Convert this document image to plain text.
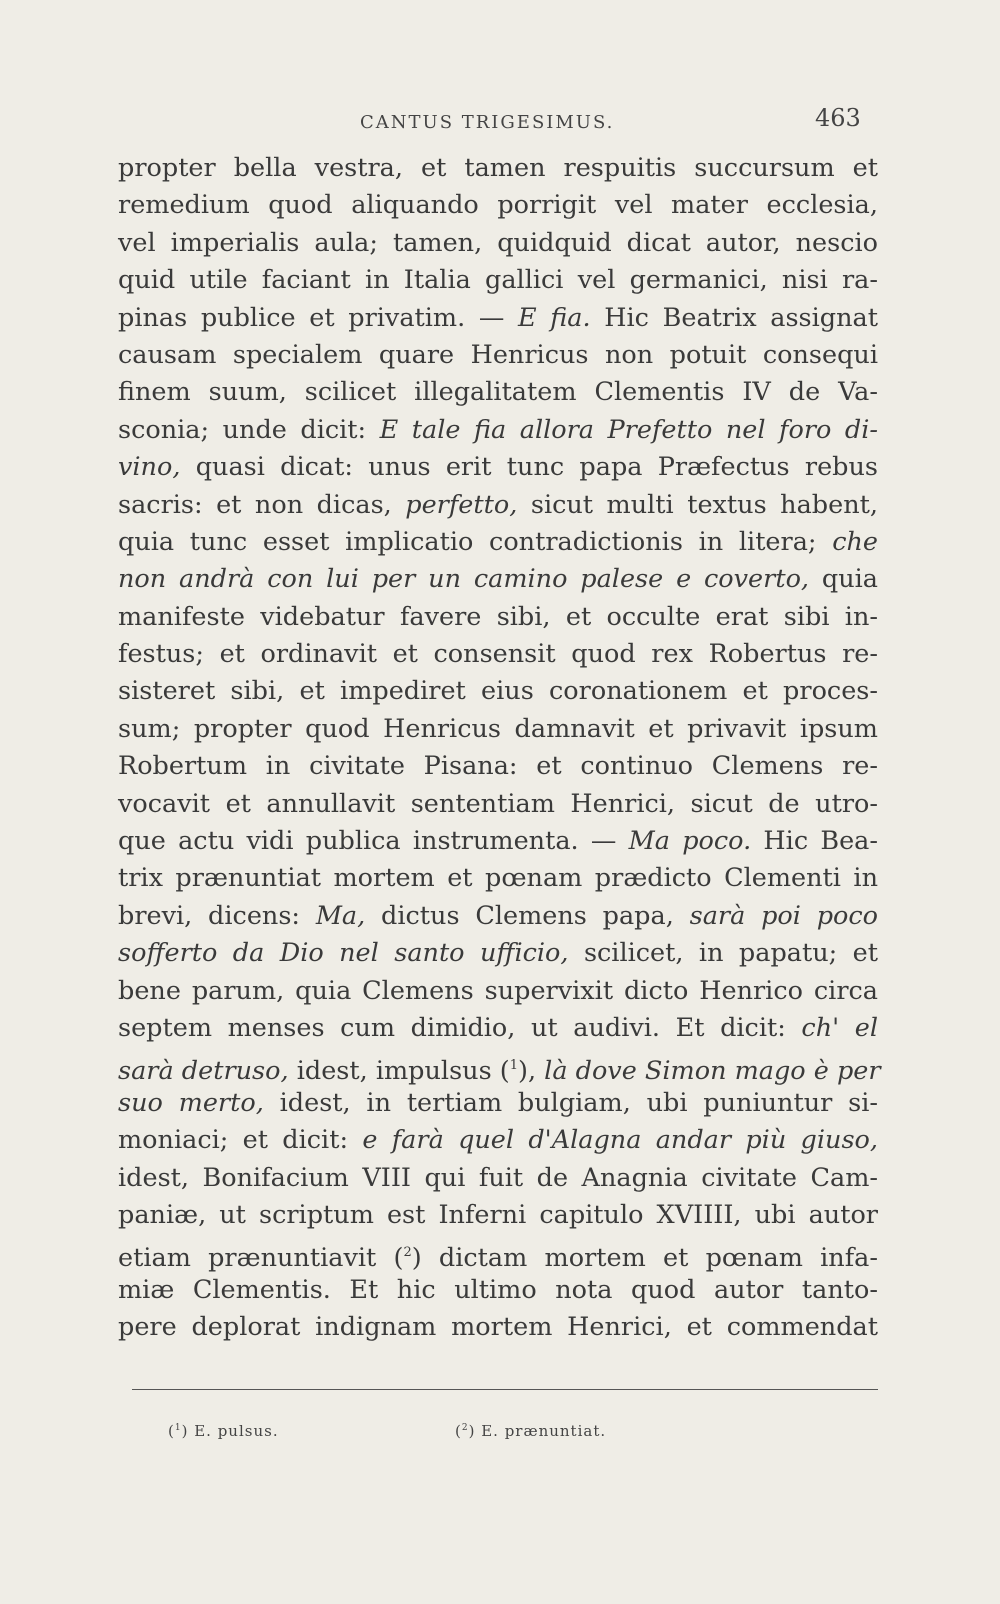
CANTUS TRIGESIMUS.	463
propter bella vestra, et tamen respuitis succursum et
remedium quod aliquando porrigit vel mater ecclesia,
vel imperialis aula; tamen, quidquid dicat autor, nescio
quid utile faciant in Italia gallici vel germanici, nisi ra-
pinas publice et privatim. — E fia. Hic Beatrix assignat
causam specialem quare Henricus non potuit consequi
finem suum, scilicet illegalitatem Clementis IV de Va-
sconia; unde dicit: E tale fia allora Prefetto nel foro di-
vino, quasi dicat: unus erit tunc papa Præfectus rebus
sacris: et non dicas, perfetto, sicut multi textus habent,
quia tunc esset implicatio contradictionis in litera; che
non andrà con lui per un camino palese e coverto, quia
manifeste videbatur favere sibi, et occulte erat sibi in-
festus; et ordinavit et consensit quod rex Robertus re-
sisteret sibi, et impediret eius coronationem et proces-
sum; propter quod Henricus damnavit et privavit ipsum
Robertum in civitate Pisana: et continuo Clemens re-
vocavit et annullavit sententiam Henrici, sicut de utro-
que actu vidi publica instrumenta. — Ma poco. Hic Bea-
trix prænuntiat mortem et pœnam prædicto Clementi in
brevi, dicens: Ma, dictus Clemens papa, sarà poi poco
sofferto da Dio nel santo ufficio, scilicet, in papatu; et
bene parum, quia Clemens supervixit dicto Henrico circa
septem menses cum dimidio, ut audivi. Et dicit: ch' el
sarà detruso, idest, impulsus ($^1$), là dove Simon mago è per
suo merto, idest, in tertiam bulgiam, ubi puniuntur si-
moniaci; et dicit: e farà quel d'Alagna andar più giuso,
idest, Bonifacium VIII qui fuit de Anagnia civitate Cam-
paniæ, ut scriptum est Inferni capitulo XVIIII, ubi autor
etiam prænuntiavit ($^2$) dictam mortem et pœnam infa-
miæ Clementis. Et hic ultimo nota quod autor tanto-
pere deplorat indignam mortem Henrici, et commendat
($^1$) E. pulsus.	($^2$) E. prænuntiat.
